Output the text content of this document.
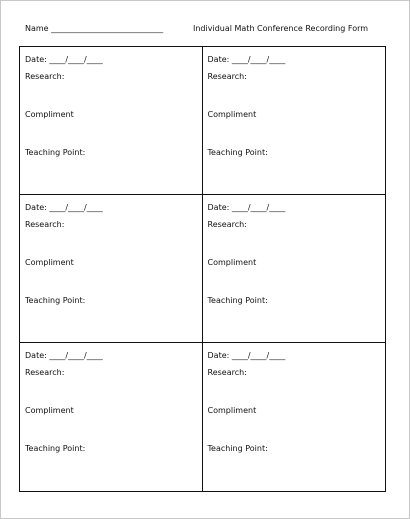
Name ____________________________	Individual Math Conference Recording Form
Date: ____/____/____
Research:
Compliment
Teaching Point:
Date: ____/____/____
Research:
Compliment
Teaching Point:
Date: ____/____/____
Research:
Compliment
Teaching Point:
Date: ____/____/____
Research:
Compliment
Teaching Point:
Date: ____/____/____
Research:
Compliment
Teaching Point:
Date: ____/____/____
Research:
Compliment
Teaching Point:
